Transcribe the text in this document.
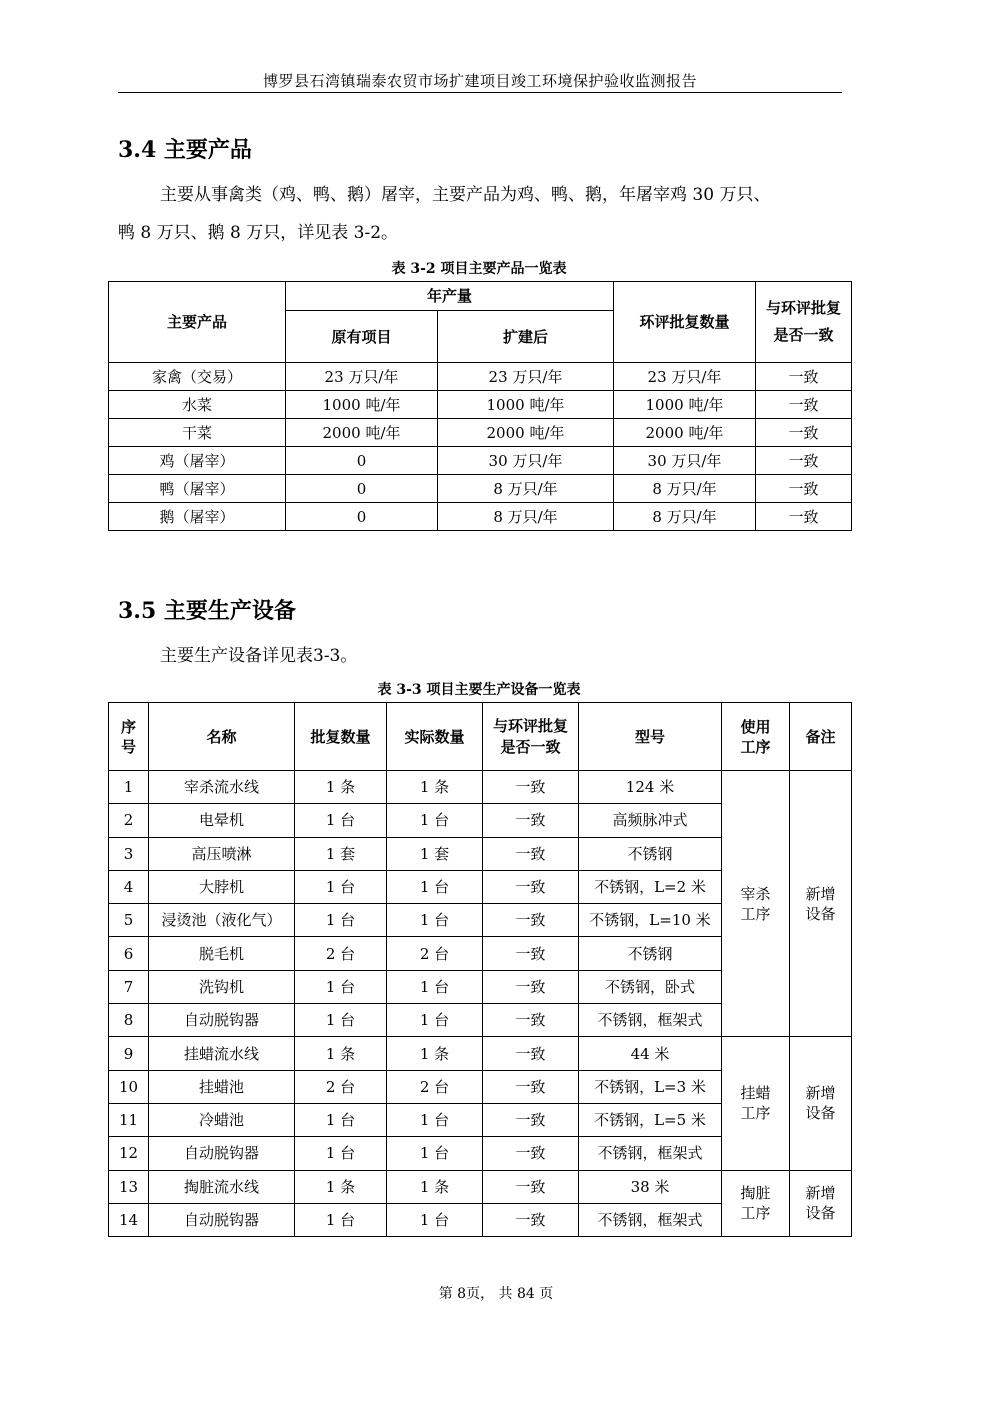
博罗县石湾镇瑞泰农贸市场扩建项目竣工环境保护验收监测报告
3.4 主要产品
主要从事禽类（鸡、鸭、鹅）屠宰，主要产品为鸡、鸭、鹅，年屠宰鸡 30 万只、
鸭 8 万只、鹅 8 万只，详见表 3-2。
表 3-2 项目主要产品一览表
主要产品	年产量		环评批复数量	与环评批复是否一致
	原有项目	扩建后		
家禽（交易）	23 万只/年	23 万只/年	23 万只/年	一致
水菜	1000 吨/年	1000 吨/年	1000 吨/年	一致
干菜	2000 吨/年	2000 吨/年	2000 吨/年	一致
鸡（屠宰）	0	30 万只/年	30 万只/年	一致
鸭（屠宰）	0	8 万只/年	8 万只/年	一致
鹅（屠宰）	0	8 万只/年	8 万只/年	一致
3.5 主要生产设备
主要生产设备详见表3-3。
表 3-3 项目主要生产设备一览表
序号	名称	批复数量	实际数量	与环评批复是否一致	型号	使用工序	备注
1	宰杀流水线	1 条	1 条	一致	124 米	宰杀工序	新增设备
2	电晕机	1 台	1 台	一致	高频脉冲式		
3	高压喷淋	1 套	1 套	一致	不锈钢		
4	大脖机	1 台	1 台	一致	不锈钢，L=2 米		
5	浸烫池（液化气）	1 台	1 台	一致	不锈钢，L=10 米		
6	脱毛机	2 台	2 台	一致	不锈钢		
7	洗钩机	1 台	1 台	一致	不锈钢，卧式		
8	自动脱钩器	1 台	1 台	一致	不锈钢，框架式		
9	挂蜡流水线	1 条	1 条	一致	44 米	挂蜡工序	新增设备
10	挂蜡池	2 台	2 台	一致	不锈钢，L=3 米		
11	冷蜡池	1 台	1 台	一致	不锈钢，L=5 米		
12	自动脱钩器	1 台	1 台	一致	不锈钢，框架式		
13	掏脏流水线	1 条	1 条	一致	38 米	掏脏工序	新增设备
14	自动脱钩器	1 台	1 台	一致	不锈钢，框架式		
第 8页， 共 84 页
